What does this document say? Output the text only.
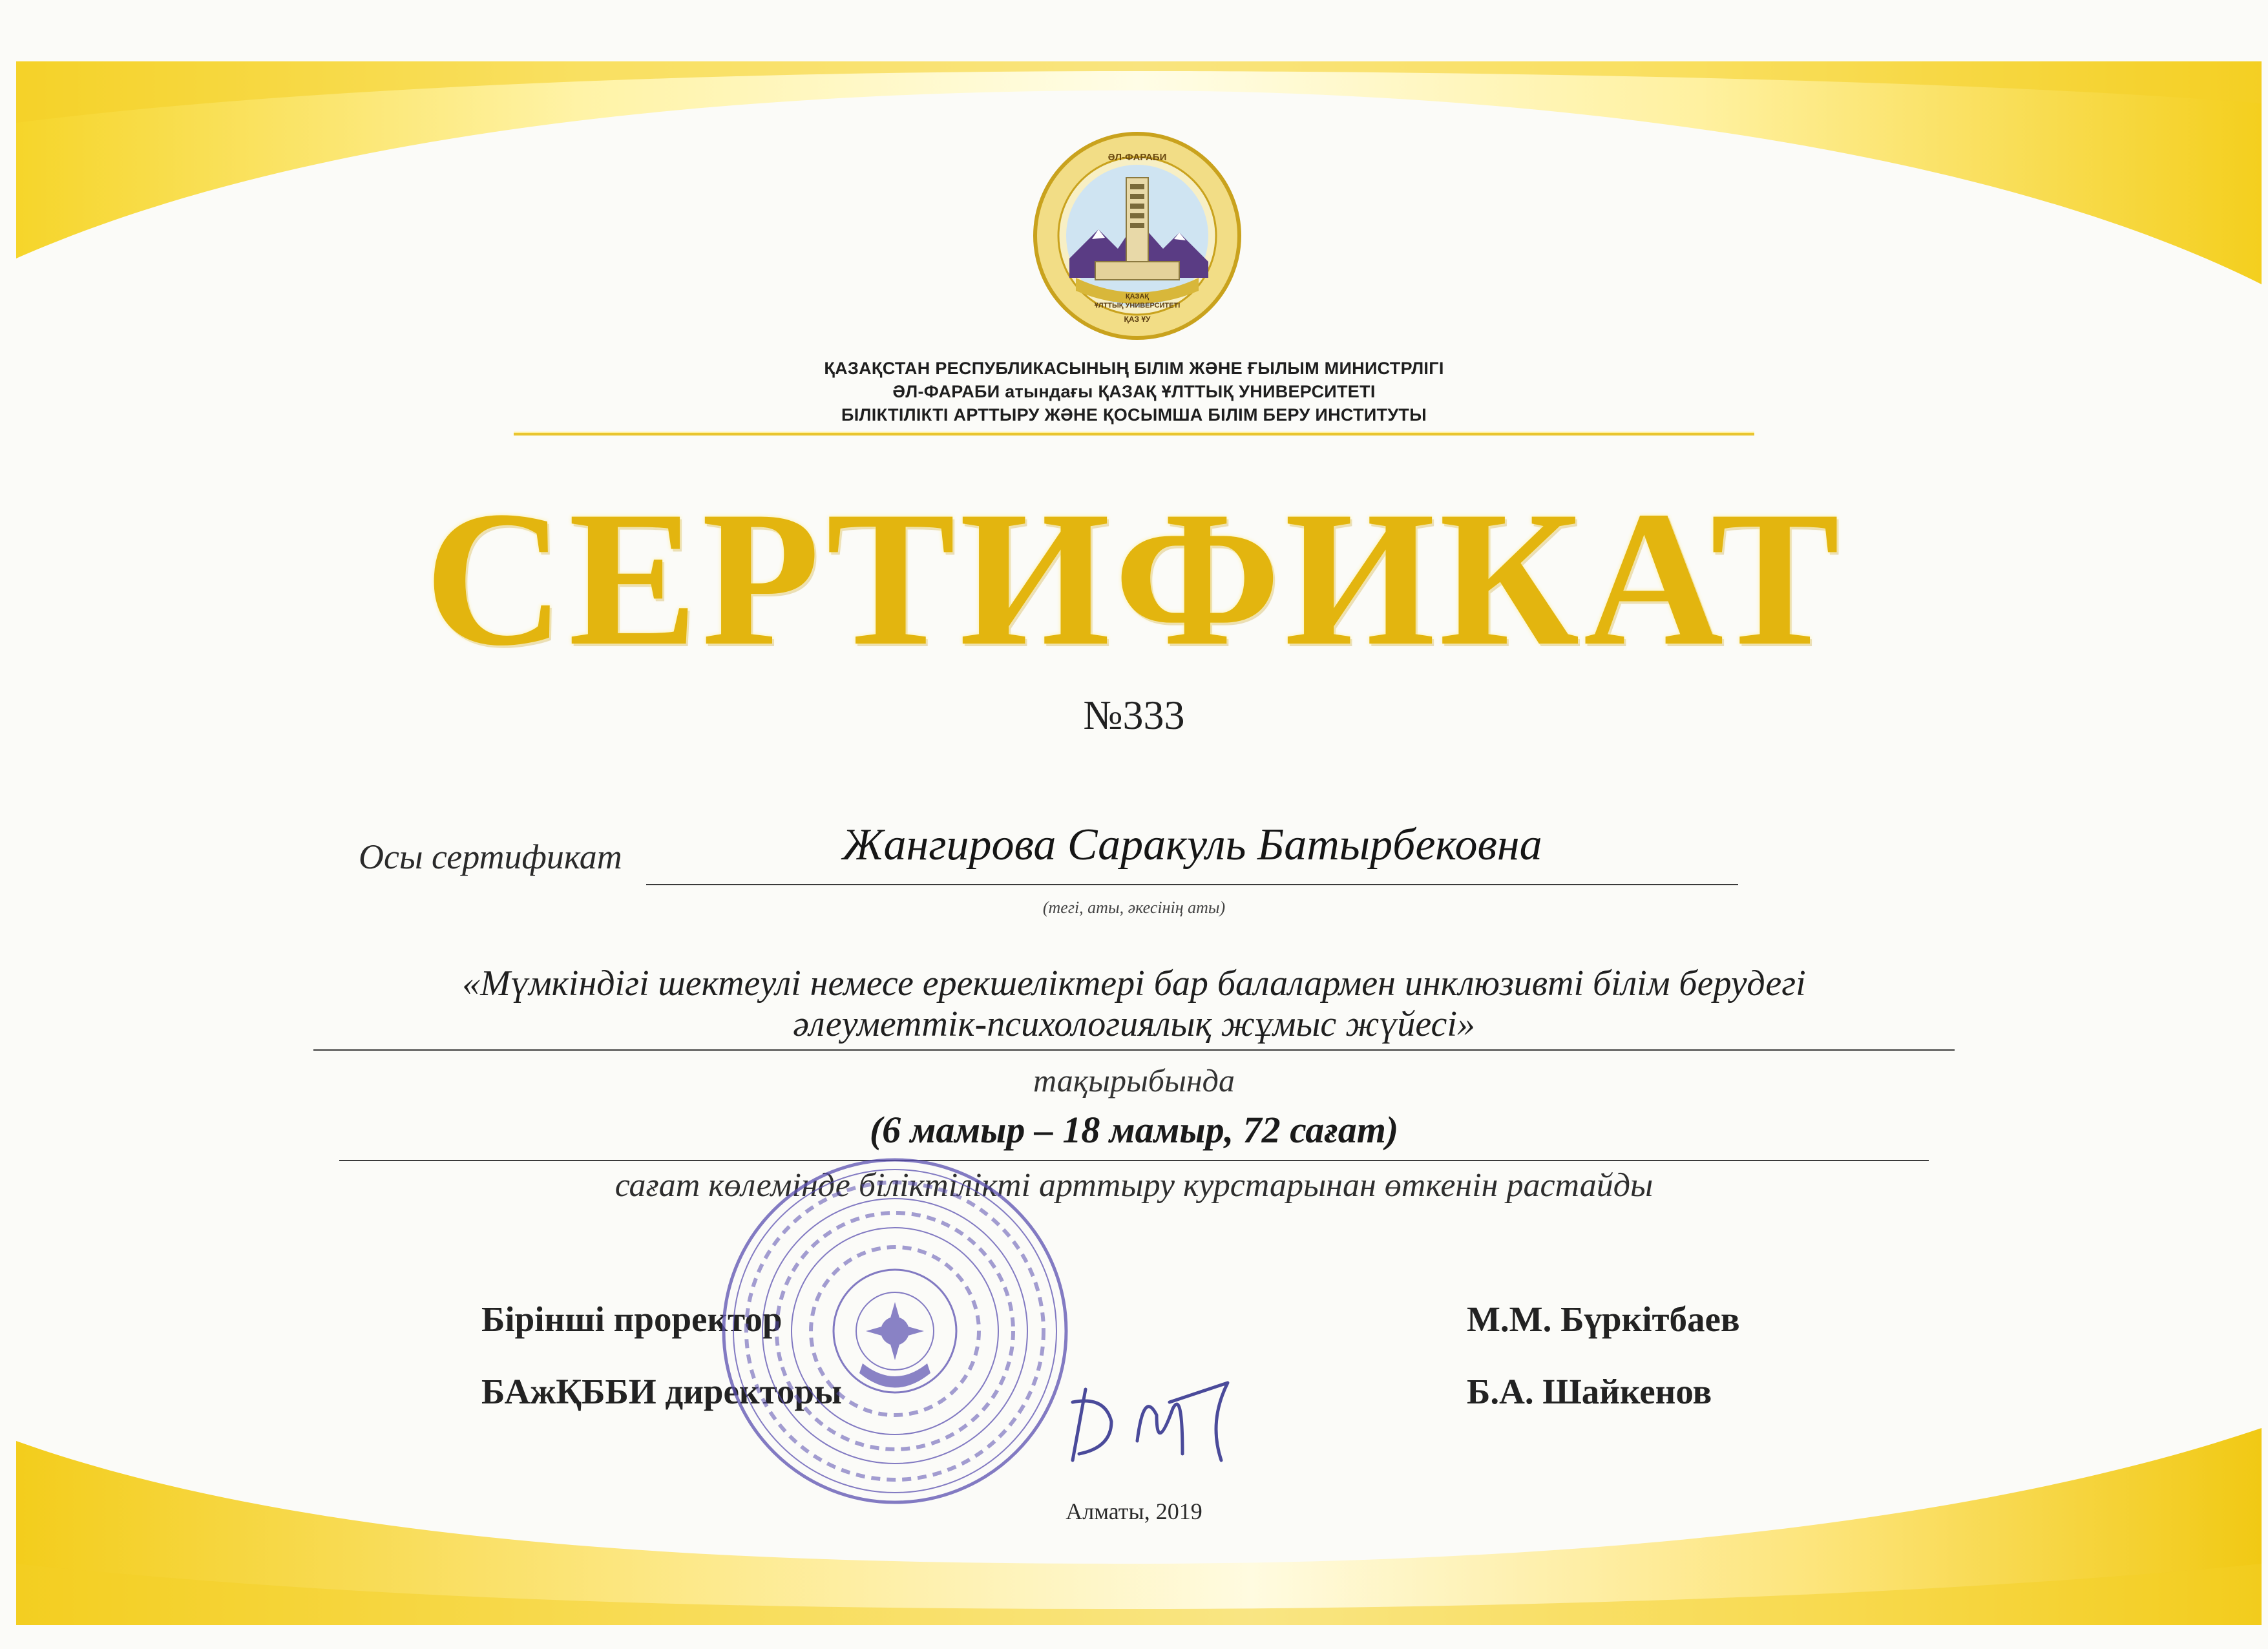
ӘЛ-ФАРАБИ
ҚАЗАҚ
ҰЛТТЫҚ УНИВЕРСИТЕТІ
ҚАЗ ҰУ
ҚАЗАҚСТАН РЕСПУБЛИКАСЫНЫҢ БІЛІМ ЖӘНЕ ҒЫЛЫМ МИНИСТРЛІГІ
ӘЛ-ФАРАБИ атындағы ҚАЗАҚ ҰЛТТЫҚ УНИВЕРСИТЕТІ
БІЛІКТІЛІКТІ АРТТЫРУ ЖӘНЕ ҚОСЫМША БІЛІМ БЕРУ ИНСТИТУТЫ
СЕРТИФИКАТ
№333
Осы сертификат	Жангирова Саракуль Батырбековна
(тегі, аты, әкесінің аты)
«Мүмкіндігі шектеулі немесе ерекшеліктері бар балалармен инклюзивті білім берудегі
әлеуметтік-психологиялық жұмыс жүйесі»
тақырыбында
(6 мамыр – 18 мамыр, 72 сағат)
сағат көлемінде біліктілікті арттыру курстарынан өткенін растайды
Бірінші проректор
БАжҚББИ директоры
М.М. Бүркітбаев
Б.А. Шайкенов
Алматы, 2019
